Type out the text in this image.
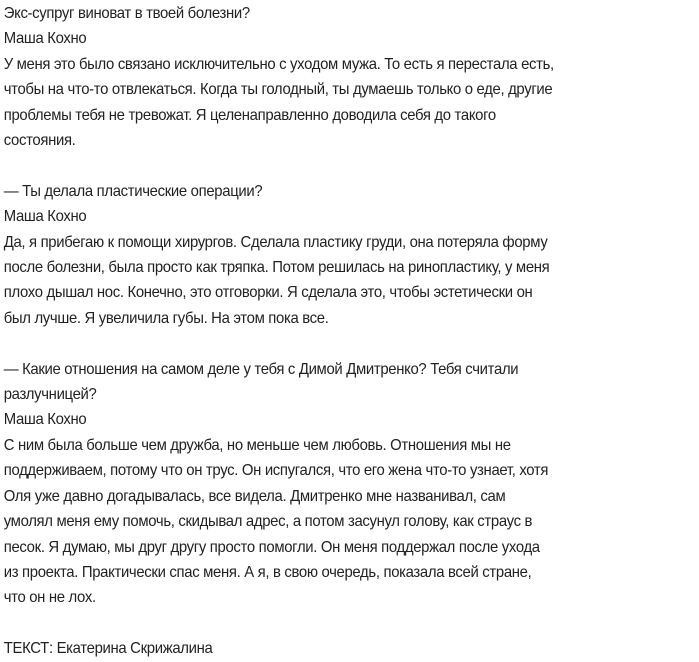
Экс-супруг виноват в твоей болезни?
Маша Кохно
У меня это было связано исключительно с уходом мужа. То есть я перестала есть,
чтобы на что-то отвлекаться. Когда ты голодный, ты думаешь только о еде, другие
проблемы тебя не тревожат. Я целенаправленно доводила себя до такого
состояния.
— Ты делала пластические операции?
Маша Кохно
Да, я прибегаю к помощи хирургов. Сделала пластику груди, она потеряла форму
после болезни, была просто как тряпка. Потом решилась на ринопластику, у меня
плохо дышал нос. Конечно, это отговорки. Я сделала это, чтобы эстетически он
был лучше. Я увеличила губы. На этом пока все.
— Какие отношения на самом деле у тебя с Димой Дмитренко? Тебя считали
разлучницей?
Маша Кохно
С ним была больше чем дружба, но меньше чем любовь. Отношения мы не
поддерживаем, потому что он трус. Он испугался, что его жена что-то узнает, хотя
Оля уже давно догадывалась, все видела. Дмитренко мне названивал, сам
умолял меня ему помочь, скидывал адрес, а потом засунул голову, как страус в
песок. Я думаю, мы друг другу просто помогли. Он меня поддержал после ухода
из проекта. Практически спас меня. А я, в свою очередь, показала всей стране,
что он не лох.
ТЕКСТ: Екатерина Скрижалина
